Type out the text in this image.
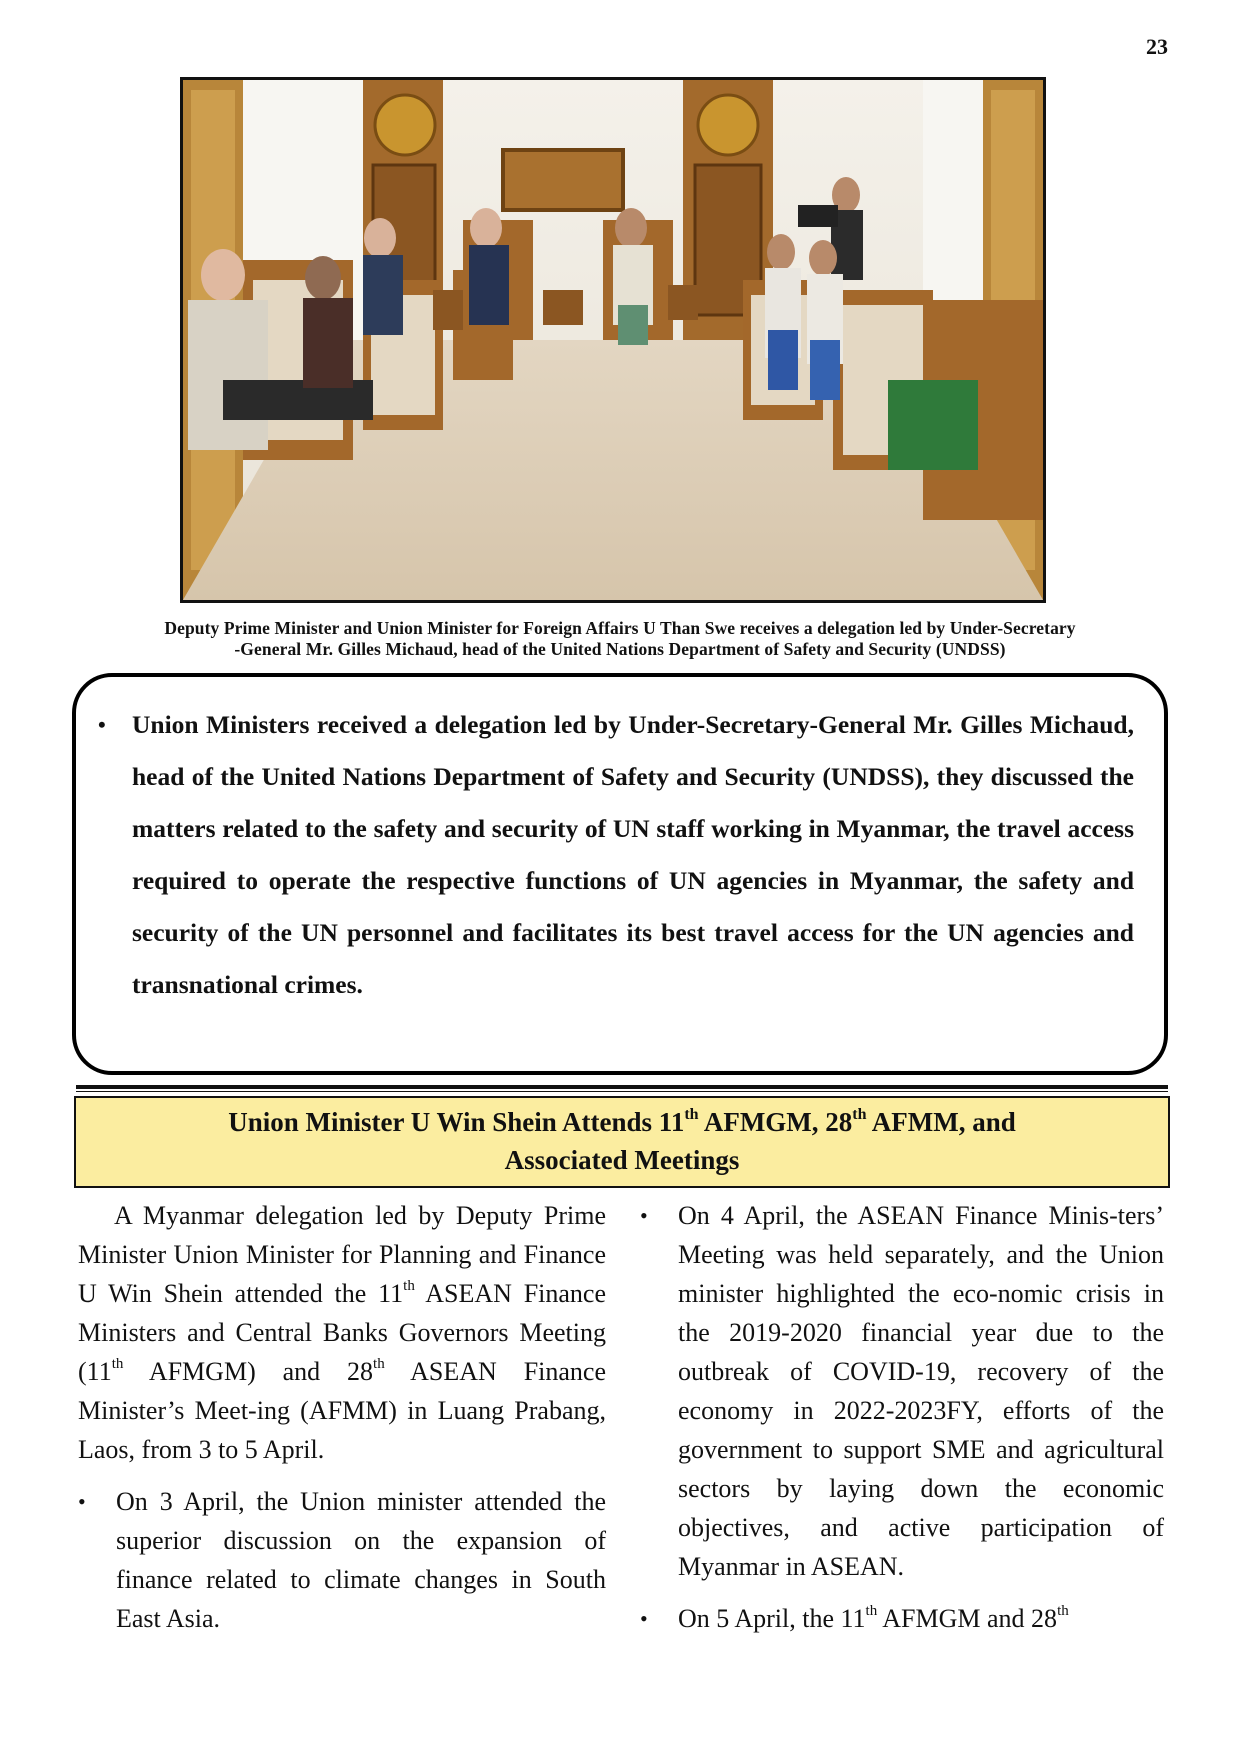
23
Deputy Prime Minister and Union Minister for Foreign Affairs U Than Swe receives a delegation led by Under-Secretary
-General Mr. Gilles Michaud, head of the United Nations Department of Safety and Security (UNDSS)
• Union Ministers received a delegation led by Under-Secretary-General Mr. Gilles Michaud, head of the United Nations Department of Safety and Security (UNDSS), they discussed the matters related to the safety and security of UN staff working in Myanmar, the travel access required to operate the respective functions of UN agencies in Myanmar, the safety and security of the UN personnel and facilitates its best travel access for the UN agencies and transnational crimes.
Union Minister U Win Shein Attends 11th AFMGM, 28th AFMM, and
Associated Meetings

A Myanmar delegation led by Deputy Prime Minister Union Minister for Planning and Finance U Win Shein attended the 11th ASEAN Finance Ministers and Central Banks Governors Meeting (11th AFMGM) and 28th ASEAN Finance Minister’s Meet-ing (AFMM) in Luang Prabang, Laos, from 3 to 5 April.

• On 3 April, the Union minister attended the superior discussion on the expansion of finance related to climate changes in South East Asia.
• On 4 April, the ASEAN Finance Minis-ters’ Meeting was held separately, and the Union minister highlighted the eco-nomic crisis in the 2019-2020 financial year due to the outbreak of COVID-19, recovery of the economy in 2022-2023FY, efforts of the government to support SME and agricultural sectors by laying down the economic objectives, and active participation of Myanmar in ASEAN.
• On 5 April, the 11th AFMGM and 28th
